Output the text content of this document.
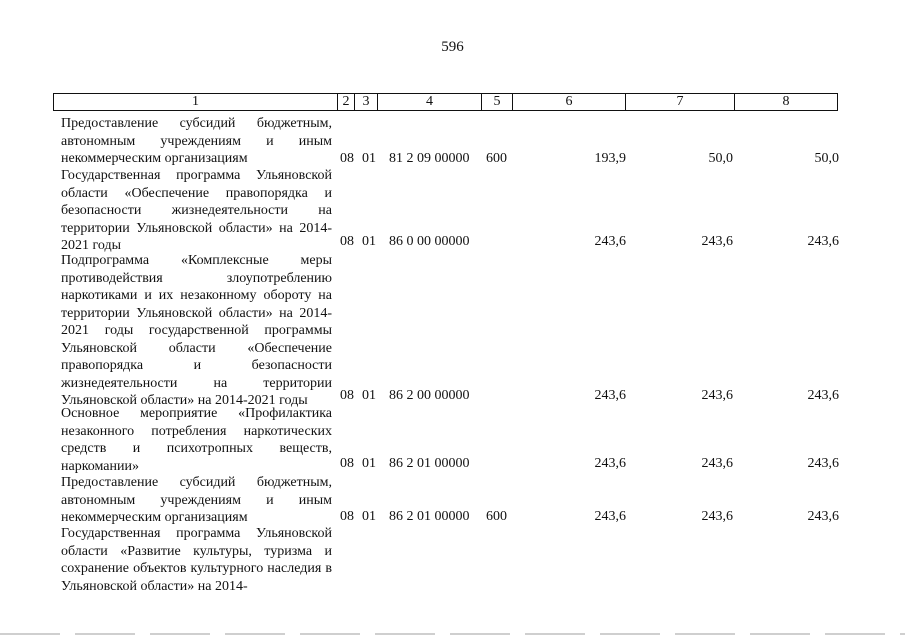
596
1	2 3	4	5	6	7	8
Предоставление субсидий бюджетным, автономным учреждениям и иным некоммерческим организациям	08 01 81 2 09 00000 600	193,9	50,0	50,0
Государственная программа Ульяновской области «Обеспечение правопорядка и безопасности жизнедеятельности на территории Ульяновской области» на 2014-2021 годы	08 01 86 0 00 00000	243,6	243,6	243,6
Подпрограмма «Комплексные меры противодействия злоупотреблению наркотиками и их незаконному обороту на территории Ульяновской области» на 2014-2021 годы государственной программы Ульяновской области «Обеспечение правопорядка и безопасности жизнедеятельности на территории Ульяновской области» на 2014-2021 годы	08 01 86 2 00 00000	243,6	243,6	243,6
Основное мероприятие «Профилактика незаконного потребления наркотических средств и психотропных веществ, наркомании»	08 01 86 2 01 00000	243,6	243,6	243,6
Предоставление субсидий бюджетным, автономным учреждениям и иным некоммерческим организациям	08 01 86 2 01 00000 600	243,6	243,6	243,6
Государственная программа Ульяновской области «Развитие культуры, туризма и сохранение объектов культурного наследия в Ульяновской области» на 2014-
